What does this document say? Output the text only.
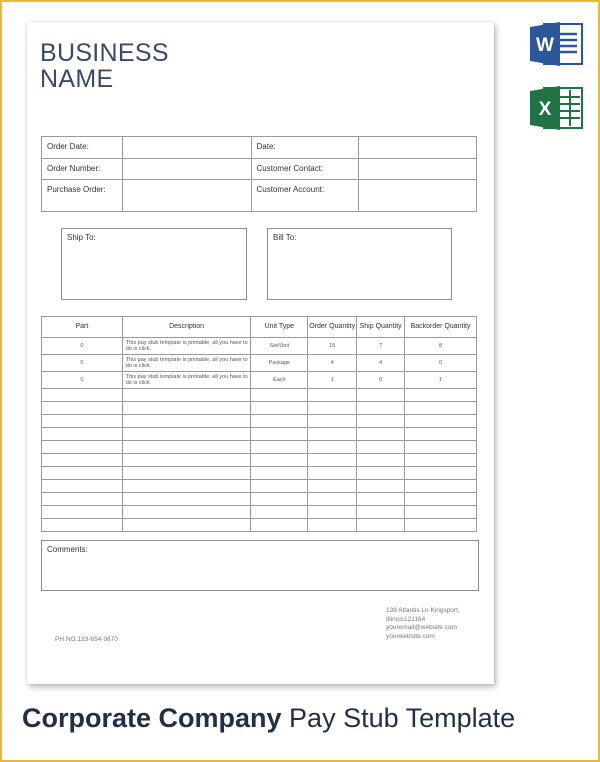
BUSINESS
NAME
Order Date:		Date:	
Order Number:		Customer Contact:	
Purchase Order:		Customer Account:	
Ship To:	Bill To:
Part	Description	Unit Type	Order Quantity	Ship Quantity	Backorder Quantity
0	This pay stub template is printable, all you have to do is click.	Set/Unit	15	7	8
0	This pay stub template is printable, all you have to do is click.	Package	4	4	0
0	This pay stub template is printable, all you have to do is click.	Each	1	0	1

Comments:
138 Atlantis Ln Kingsport,
Illinois121164
youremail@website.com
yourwebsite.com
PH NO.123-654-9870
W
X
Corporate Company Pay Stub Template
